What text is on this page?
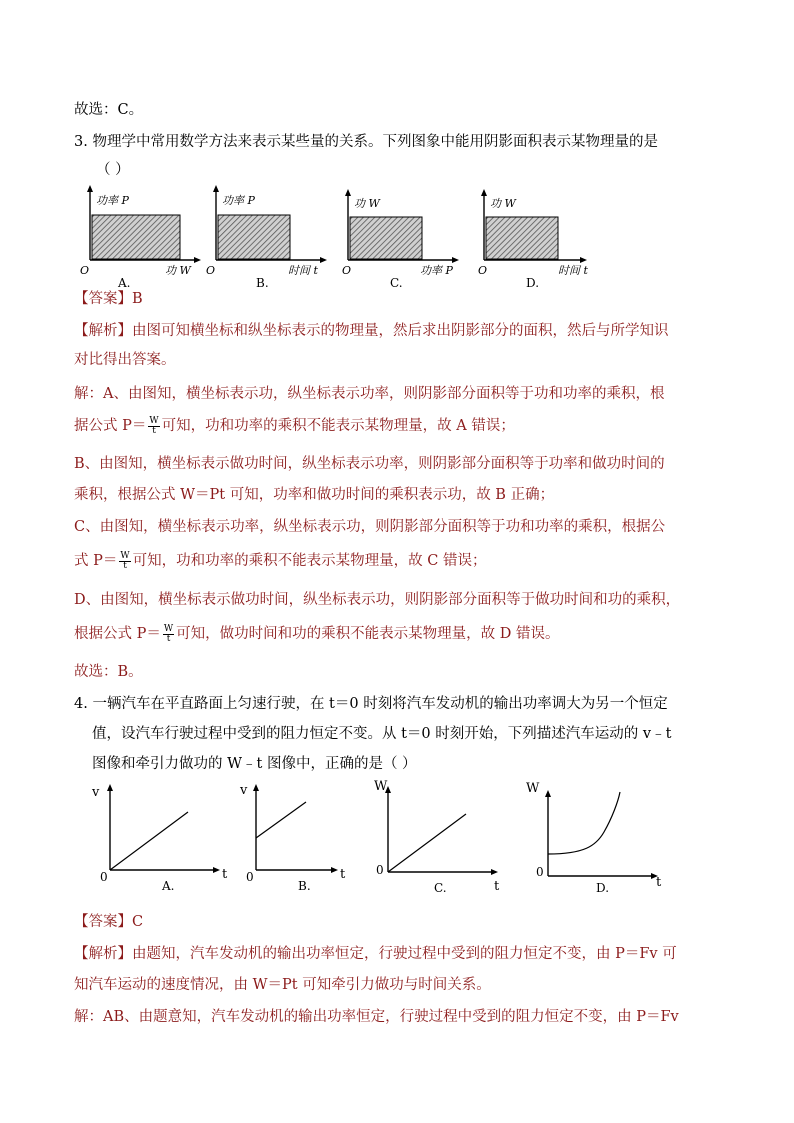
故选：C。
3. 物理学中常用数学方法来表示某些量的关系。下列图象中能用阴影面积表示某物理量的是
（ ）
功率 P
功 W
O
A.
功率 P
时间 t
O
B.
功 W
功率 P
O
C.
功 W
时间 t
O
D.
【答案】B
【解析】由图可知横坐标和纵坐标表示的物理量，然后求出阴影部分的面积，然后与所学知识
对比得出答案。
解：A、由图知，横坐标表示功，纵坐标表示功率，则阴影部分面积等于功和功率的乘积，根
据公式 $P= \frac{W}{t}$ 可知，功和功率的乘积不能表示某物理量，故 A 错误；
B、由图知，横坐标表示做功时间，纵坐标表示功率，则阴影部分面积等于功率和做功时间的
乘积，根据公式 W＝Pt 可知，功率和做功时间的乘积表示功，故 B 正确；
C、由图知，横坐标表示功率，纵坐标表示功，则阴影部分面积等于功和功率的乘积，根据公
式 $P= \frac{W}{t}$ 可知，功和功率的乘积不能表示某物理量，故 C 错误；
D、由图知，横坐标表示做功时间，纵坐标表示功，则阴影部分面积等于做功时间和功的乘积，
根据公式 $P= \frac{W}{t}$ 可知，做功时间和功的乘积不能表示某物理量，故 D 错误。
故选：B。
4. 一辆汽车在平直路面上匀速行驶，在 t＝0 时刻将汽车发动机的输出功率调大为另一个恒定
值，设汽车行驶过程中受到的阻力恒定不变。从 t＝0 时刻开始，下列描述汽车运动的 v﹣t
图像和牵引力做功的 W﹣t 图像中，正确的是（ ）
v
t
0
A.
v
t
0
B.
W
t
0
C.
W
t
0
D.
【答案】C
【解析】由题知，汽车发动机的输出功率恒定，行驶过程中受到的阻力恒定不变，由 P＝Fv 可
知汽车运动的速度情况，由 W＝Pt 可知牵引力做功与时间关系。
解：AB、由题意知，汽车发动机的输出功率恒定，行驶过程中受到的阻力恒定不变，由 P＝Fv
